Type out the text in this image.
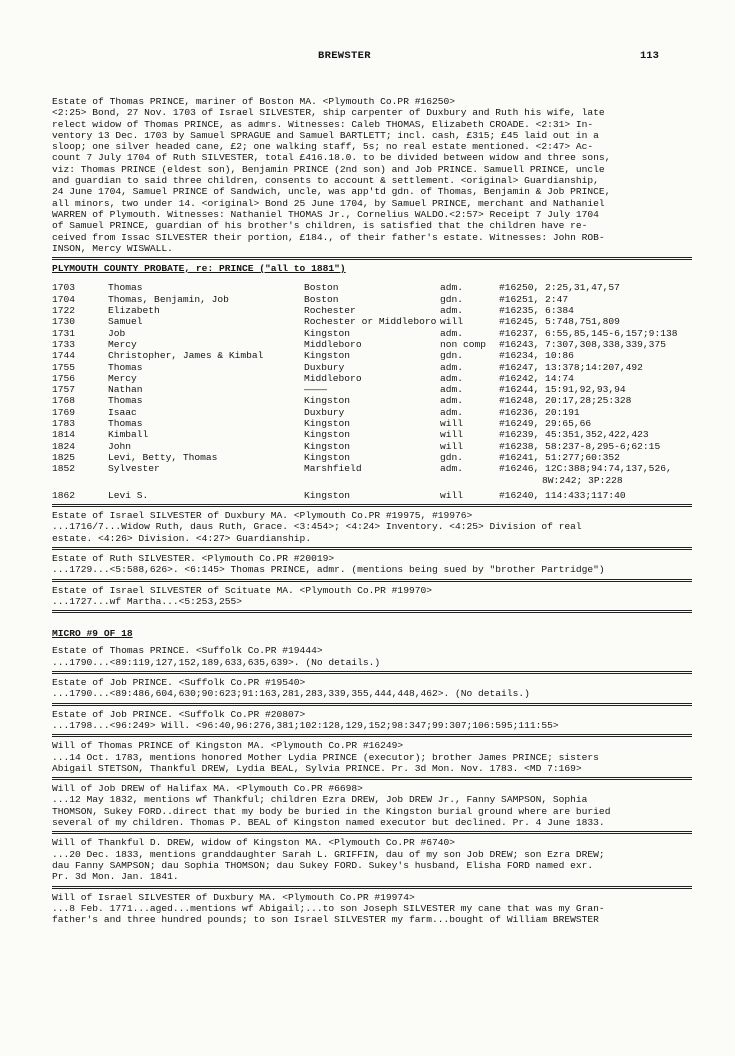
BREWSTER	113
Estate of Thomas PRINCE, mariner of Boston MA. <Plymouth Co.PR #16250>
<2:25> Bond, 27 Nov. 1703 of Israel SILVESTER, ship carpenter of Duxbury and Ruth his wife, late
relect widow of Thomas PRINCE, as admrs. Witnesses: Caleb THOMAS, Elizabeth CROADE. <2:31> In-
ventory 13 Dec. 1703 by Samuel SPRAGUE and Samuel BARTLETT; incl. cash, £315; £45 laid out in a
sloop; one silver headed cane, £2; one walking staff, 5s; no real estate mentioned. <2:47> Ac-
count 7 July 1704 of Ruth SILVESTER, total £416.18.0. to be divided between widow and three sons,
viz: Thomas PRINCE (eldest son), Benjamin PRINCE (2nd son) and Job PRINCE. Samuell PRINCE, uncle
and guardian to said three children, consents to account & settlement. <original> Guardianship,
24 June 1704, Samuel PRINCE of Sandwich, uncle, was app'td gdn. of Thomas, Benjamin & Job PRINCE,
all minors, two under 14. <original> Bond 25 June 1704, by Samuel PRINCE, merchant and Nathaniel
WARREN of Plymouth. Witnesses: Nathaniel THOMAS Jr., Cornelius WALDO.<2:57> Receipt 7 July 1704
of Samuel PRINCE, guardian of his brother's children, is satisfied that the children have re-
ceived from Issac SILVESTER their portion, £184., of their father's estate. Witnesses: John ROB-
INSON, Mercy WISWALL.
PLYMOUTH COUNTY PROBATE, re: PRINCE ("all to 1881")
1703	Thomas	Boston	adm.	#16250, 2:25,31,47,57
1704	Thomas, Benjamin, Job	Boston	gdn.	#16251, 2:47
1722	Elizabeth	Rochester	adm.	#16235, 6:384
1730	Samuel	Rochester or Middleboro	will	#16245, 5:748,751,809
1731	Job	Kingston	adm.	#16237, 6:55,85,145-6,157;9:138
1733	Mercy	Middleboro	non comp	#16243, 7:307,308,338,339,375
1744	Christopher, James & Kimbal	Kingston	gdn.	#16234, 10:86
1755	Thomas	Duxbury	adm.	#16247, 13:378;14:207,492
1756	Mercy	Middleboro	adm.	#16242, 14:74
1757	Nathan	————	adm.	#16244, 15:91,92,93,94
1768	Thomas	Kingston	adm.	#16248, 20:17,28;25:328
1769	Isaac	Duxbury	adm.	#16236, 20:191
1783	Thomas	Kingston	will	#16249, 29:65,66
1814	Kimball	Kingston	will	#16239, 45:351,352,422,423
1824	John	Kingston	will	#16238, 58:237-8,295-6;62:15
1825	Levi, Betty, Thomas	Kingston	gdn.	#16241, 51:277;60:352
1852	Sylvester	Marshfield	adm.	#16246, 12C:388;94:74,137,526,
8W:242; 3P:228
1862	Levi S.	Kingston	will	#16240, 114:433;117:40
Estate of Israel SILVESTER of Duxbury MA. <Plymouth Co.PR #19975, #19976>
...1716/7...Widow Ruth, daus Ruth, Grace. <3:454>; <4:24> Inventory. <4:25> Division of real
estate. <4:26> Division. <4:27> Guardianship.
Estate of Ruth SILVESTER. <Plymouth Co.PR #20019>
...1729...<5:588,626>. <6:145> Thomas PRINCE, admr. (mentions being sued by "brother Partridge")
Estate of Israel SILVESTER of Scituate MA. <Plymouth Co.PR #19970>
...1727...wf Martha...<5:253,255>
MICRO #9 OF 18
Estate of Thomas PRINCE. <Suffolk Co.PR #19444>
...1790...<89:119,127,152,189,633,635,639>. (No details.)
Estate of Job PRINCE. <Suffolk Co.PR #19540>
...1790...<89:486,604,630;90:623;91:163,281,283,339,355,444,448,462>. (No details.)
Estate of Job PRINCE. <Suffolk Co.PR #20807>
...1798...<96:249> Will. <96:40,96:276,381;102:128,129,152;98:347;99:307;106:595;111:55>
Will of Thomas PRINCE of Kingston MA. <Plymouth Co.PR #16249>
...14 Oct. 1783, mentions honored Mother Lydia PRINCE (executor); brother James PRINCE; sisters
Abigail STETSON, Thankful DREW, Lydia BEAL, Sylvia PRINCE. Pr. 3d Mon. Nov. 1783. <MD 7:169>
Will of Job DREW of Halifax MA. <Plymouth Co.PR #6698>
...12 May 1832, mentions wf Thankful; children Ezra DREW, Job DREW Jr., Fanny SAMPSON, Sophia
THOMSON, Sukey FORD..direct that my body be buried in the Kingston burial ground where are buried
several of my children. Thomas P. BEAL of Kingston named executor but declined. Pr. 4 June 1833.
Will of Thankful D. DREW, widow of Kingston MA. <Plymouth Co.PR #6740>
...20 Dec. 1833, mentions granddaughter Sarah L. GRIFFIN, dau of my son Job DREW; son Ezra DREW;
dau Fanny SAMPSON; dau Sophia THOMSON; dau Sukey FORD. Sukey's husband, Elisha FORD named exr.
Pr. 3d Mon. Jan. 1841.
Will of Israel SILVESTER of Duxbury MA. <Plymouth Co.PR #19974>
...8 Feb. 1771...aged...mentions wf Abigail;...to son Joseph SILVESTER my cane that was my Gran-
father's and three hundred pounds; to son Israel SILVESTER my farm...bought of William BREWSTER
